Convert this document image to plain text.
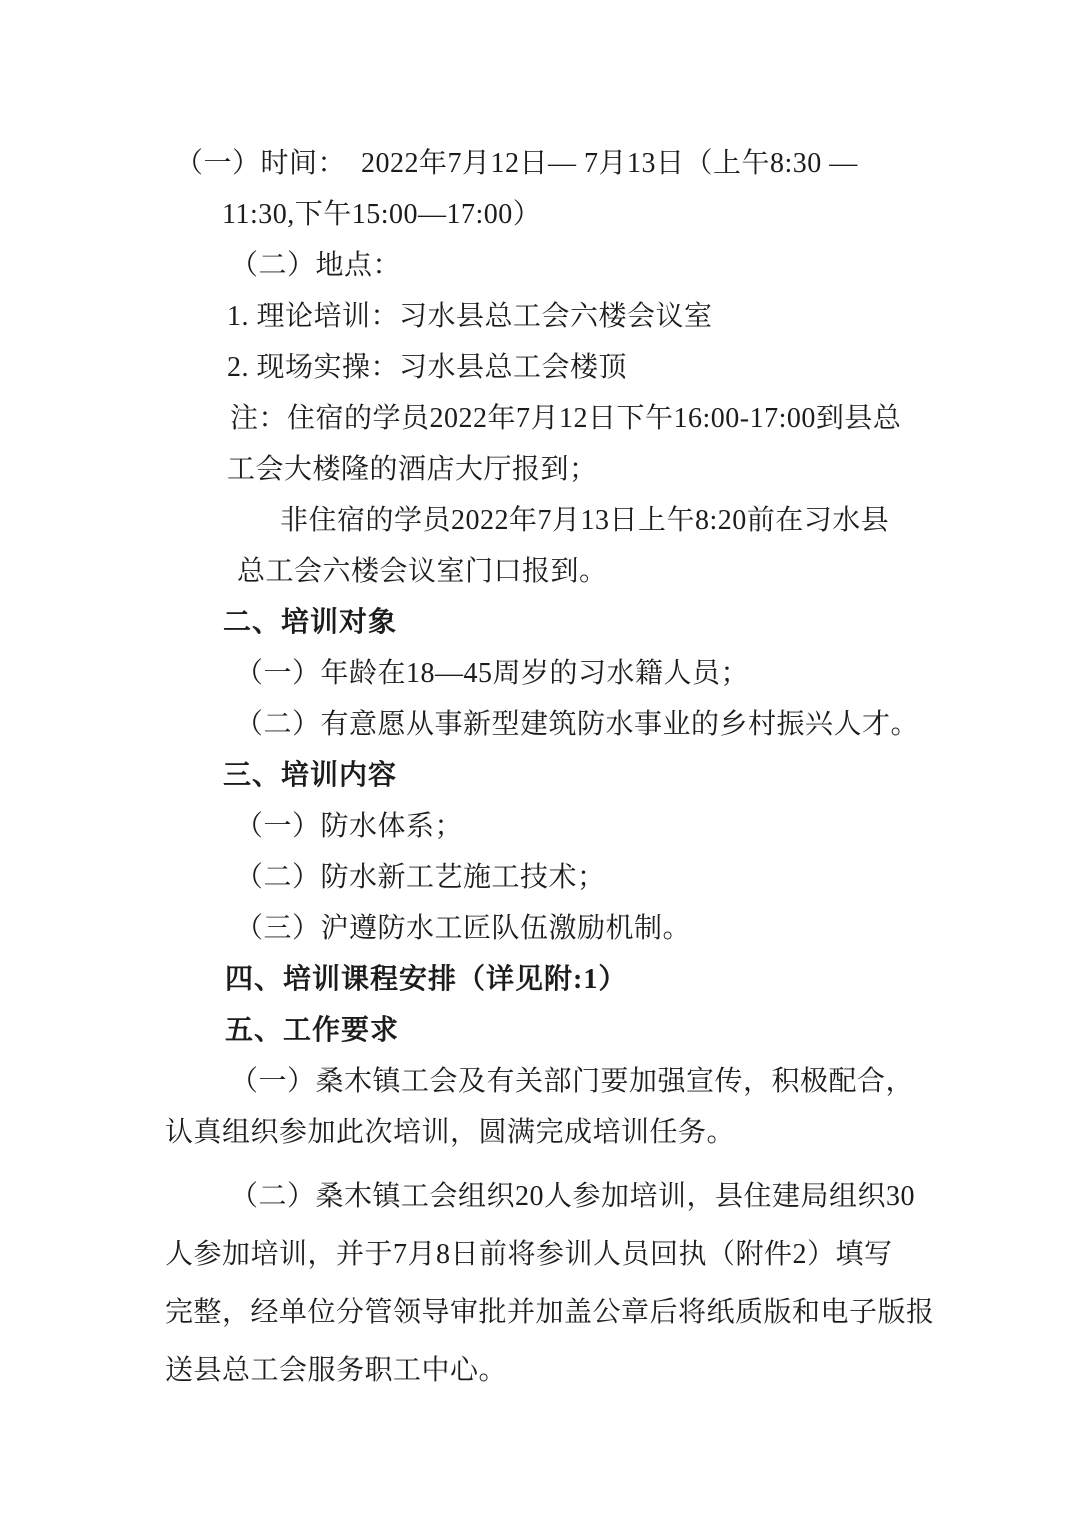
（一）时间：  2022年7月12日— 7月13日（上午8:30 —

11:30,下午15:00—17:00）

（二）地点：

1. 理论培训：习水县总工会六楼会议室

2. 现场实操：习水县总工会楼顶

注：住宿的学员2022年7月12日下午16:00-17:00到县总

工会大楼隆的酒店大厅报到；

非住宿的学员2022年7月13日上午8:20前在习水县

总工会六楼会议室门口报到。

二、培训对象

（一）年龄在18—45周岁的习水籍人员；

（二）有意愿从事新型建筑防水事业的乡村振兴人才。

三、培训内容

（一）防水体系；

（二）防水新工艺施工技术；

（三）沪遵防水工匠队伍激励机制。

四、培训课程安排（详见附:1）

五、工作要求

（一）桑木镇工会及有关部门要加强宣传，积极配合，

认真组织参加此次培训，圆满完成培训任务。

（二）桑木镇工会组织20人参加培训，县住建局组织30

人参加培训，并于7月8日前将参训人员回执（附件2）填写

完整，经单位分管领导审批并加盖公章后将纸质版和电子版报

送县总工会服务职工中心。
